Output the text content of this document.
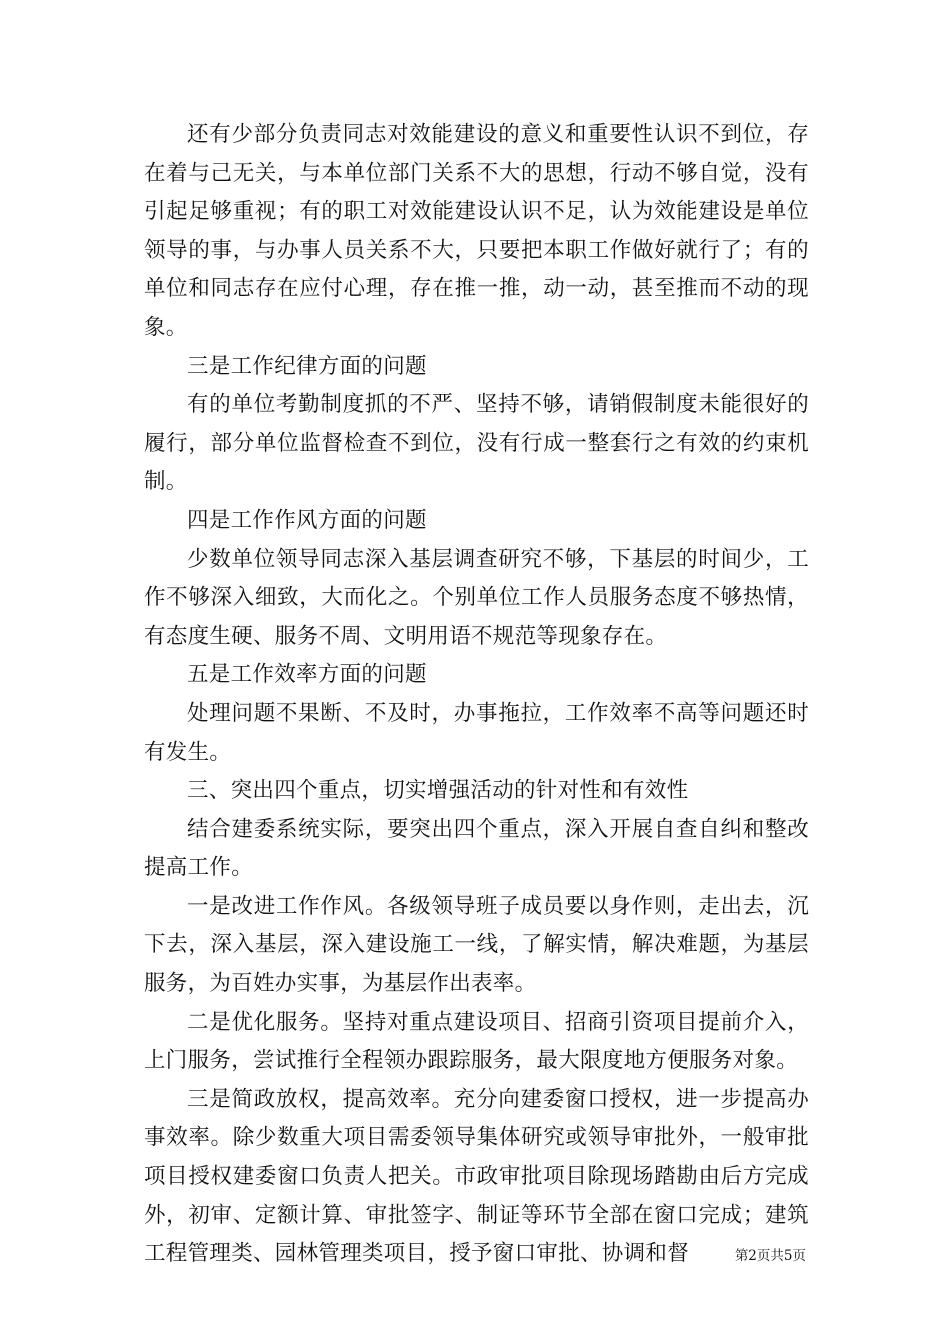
还有少部分负责同志对效能建设的意义和重要性认识不到位，存在着与己无关，与本单位部门关系不大的思想，行动不够自觉，没有引起足够重视；有的职工对效能建设认识不足，认为效能建设是单位领导的事，与办事人员关系不大，只要把本职工作做好就行了；有的单位和同志存在应付心理，存在推一推，动一动，甚至推而不动的现象。

三是工作纪律方面的问题

有的单位考勤制度抓的不严、坚持不够，请销假制度未能很好的履行，部分单位监督检查不到位，没有行成一整套行之有效的约束机制。

四是工作作风方面的问题

少数单位领导同志深入基层调查研究不够，下基层的时间少，工作不够深入细致，大而化之。个别单位工作人员服务态度不够热情，有态度生硬、服务不周、文明用语不规范等现象存在。

五是工作效率方面的问题

处理问题不果断、不及时，办事拖拉，工作效率不高等问题还时有发生。

三、突出四个重点，切实增强活动的针对性和有效性

结合建委系统实际，要突出四个重点，深入开展自查自纠和整改提高工作。

一是改进工作作风。各级领导班子成员要以身作则，走出去，沉下去，深入基层，深入建设施工一线，了解实情，解决难题，为基层服务，为百姓办实事，为基层作出表率。

二是优化服务。坚持对重点建设项目、招商引资项目提前介入，上门服务，尝试推行全程领办跟踪服务，最大限度地方便服务对象。

三是简政放权，提高效率。充分向建委窗口授权，进一步提高办事效率。除少数重大项目需委领导集体研究或领导审批外，一般审批项目授权建委窗口负责人把关。市政审批项目除现场踏勘由后方完成外，初审、定额计算、审批签字、制证等环节全部在窗口完成；建筑工程管理类、园林管理类项目，授予窗口审批、协调和督	第2页共5页
